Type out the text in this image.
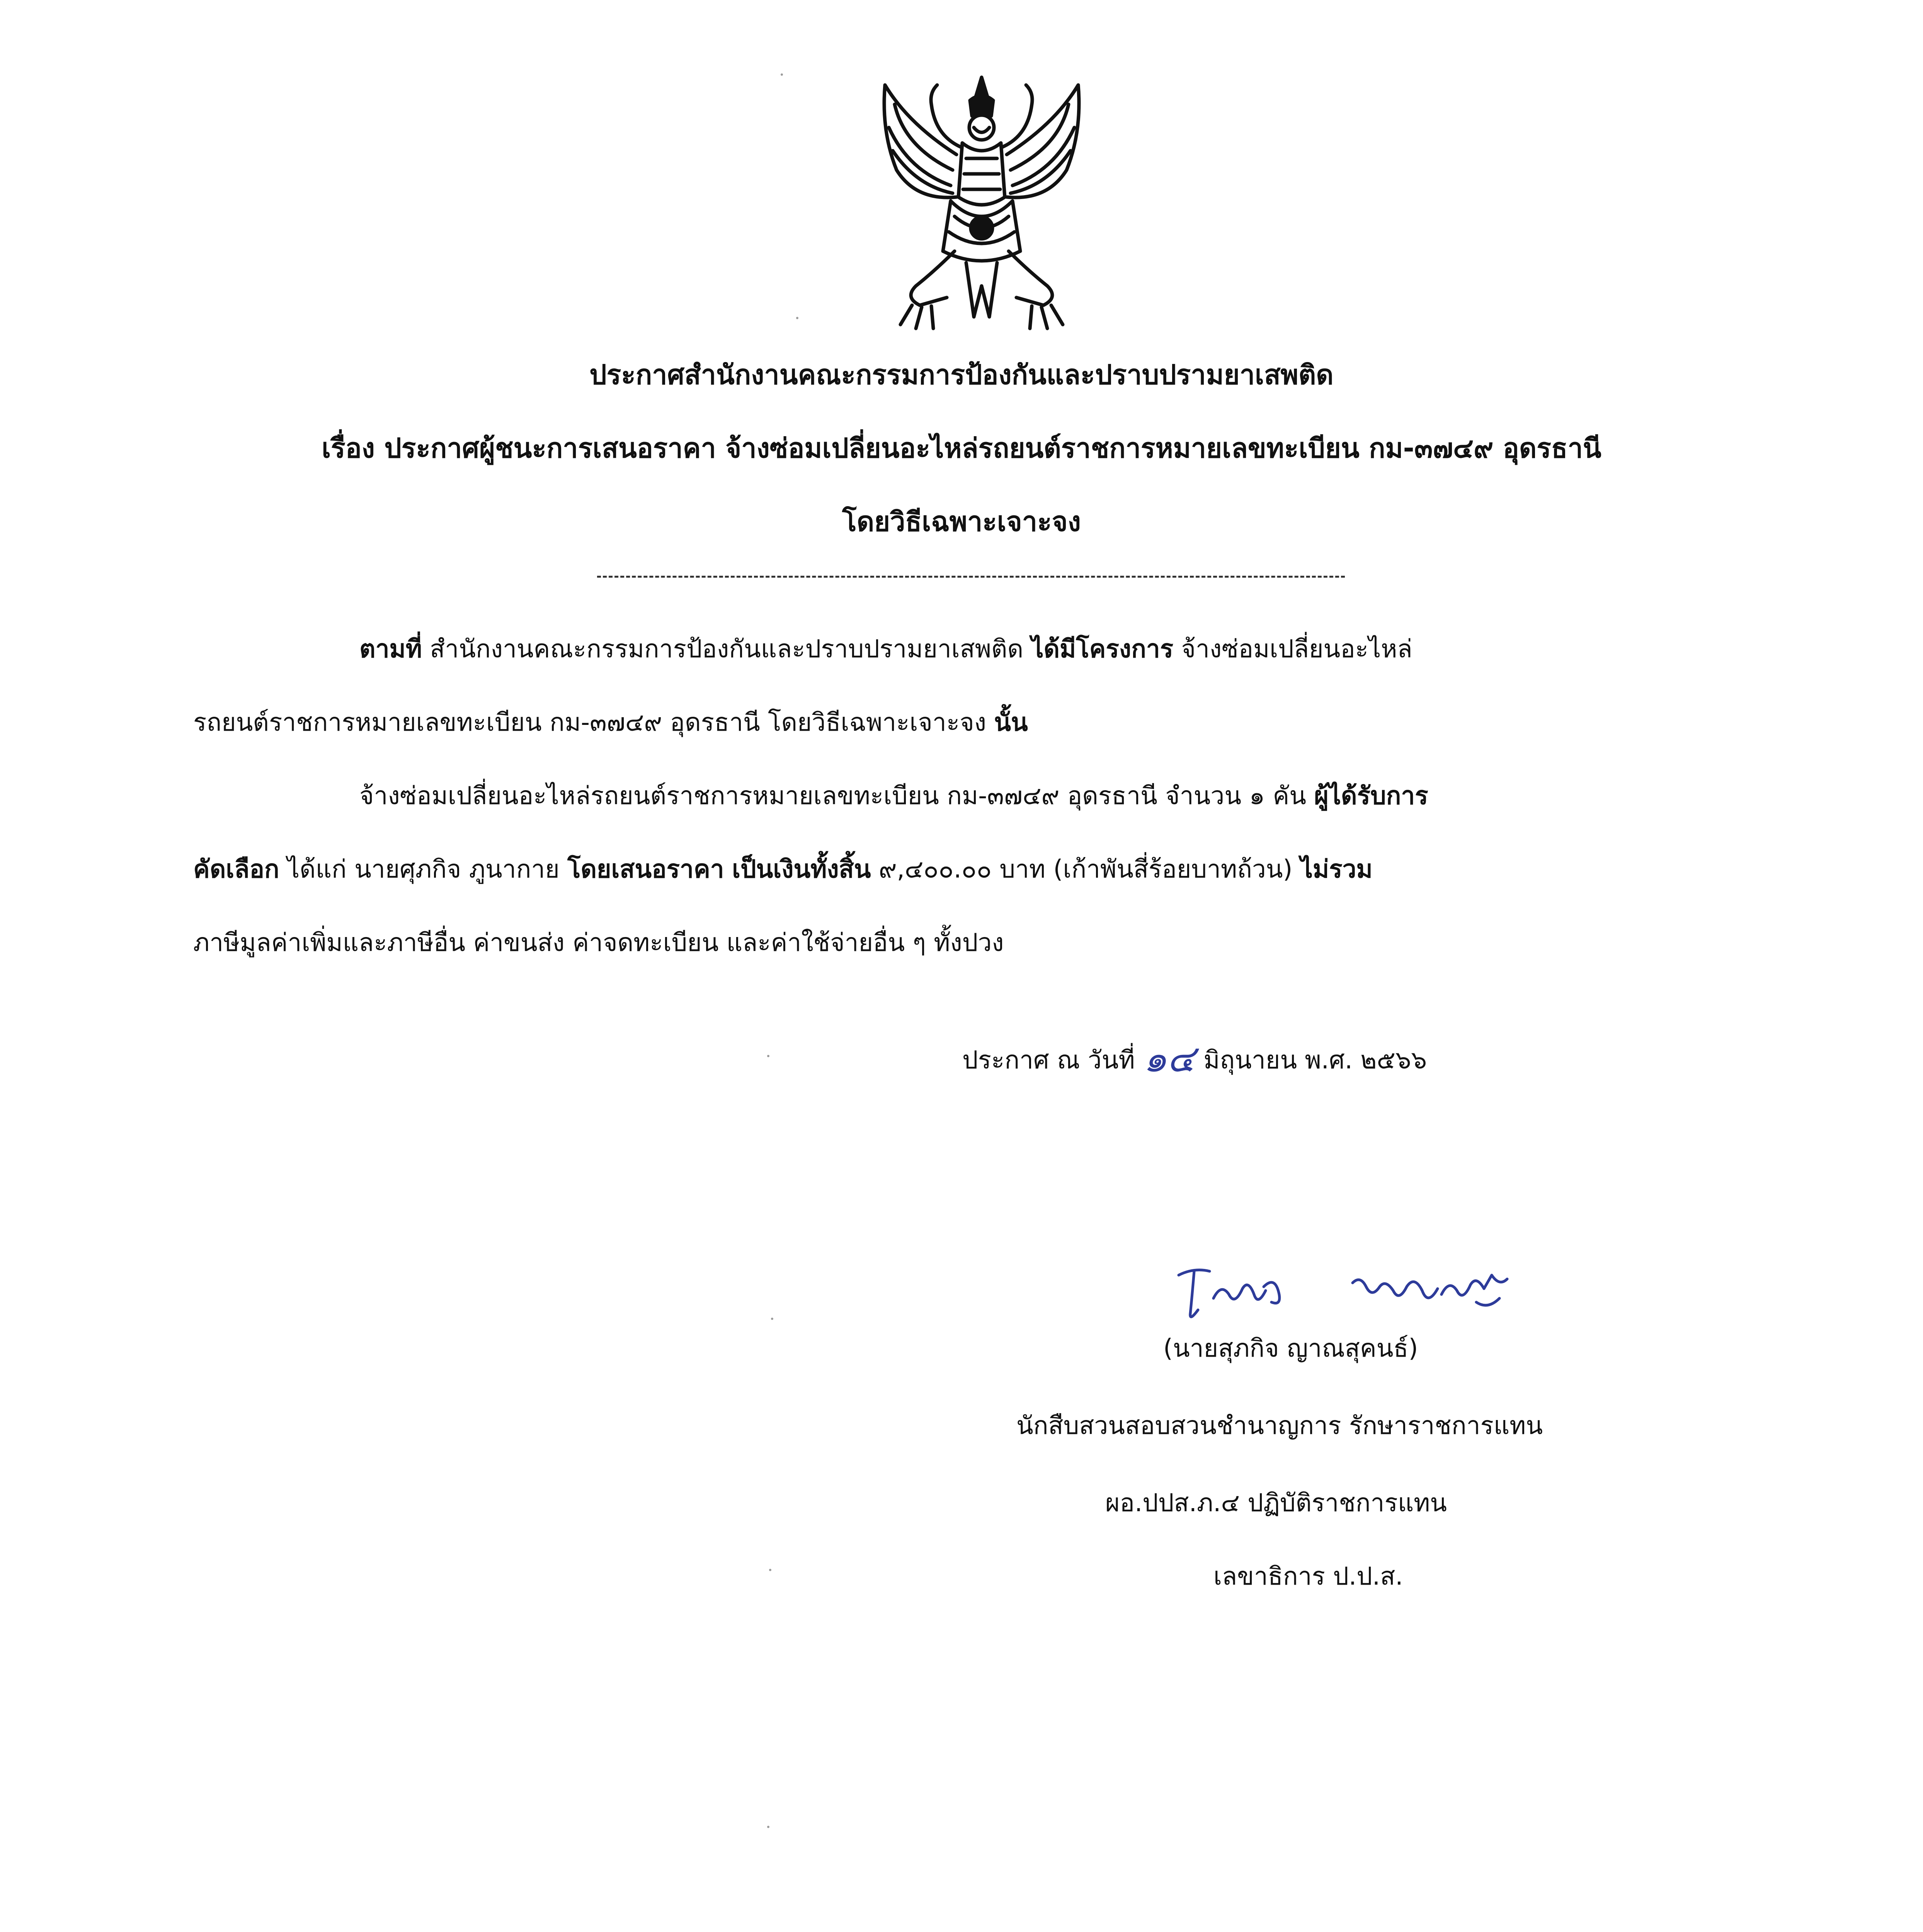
ประกาศสำนักงานคณะกรรมการป้องกันและปราบปรามยาเสพติด
เรื่อง ประกาศผู้ชนะการเสนอราคา จ้างซ่อมเปลี่ยนอะไหล่รถยนต์ราชการหมายเลขทะเบียน กม-๓๗๔๙ อุดรธานี
โดยวิธีเฉพาะเจาะจง
ตามที่ สำนักงานคณะกรรมการป้องกันและปราบปรามยาเสพติด ได้มีโครงการ จ้างซ่อมเปลี่ยนอะไหล่
รถยนต์ราชการหมายเลขทะเบียน กม-๓๗๔๙ อุดรธานี โดยวิธีเฉพาะเจาะจง นั้น
จ้างซ่อมเปลี่ยนอะไหล่รถยนต์ราชการหมายเลขทะเบียน กม-๓๗๔๙ อุดรธานี จำนวน ๑ คัน ผู้ได้รับการ
คัดเลือก ได้แก่ นายศุภกิจ ภูนากาย โดยเสนอราคา เป็นเงินทั้งสิ้น ๙,๔๐๐.๐๐ บาท (เก้าพันสี่ร้อยบาทถ้วน) ไม่รวม
ภาษีมูลค่าเพิ่มและภาษีอื่น ค่าขนส่ง ค่าจดทะเบียน และค่าใช้จ่ายอื่น ๆ ทั้งปวง
ประกาศ ณ วันที่ ๑๔ มิถุนายน พ.ศ. ๒๕๖๖
(นายสุภกิจ ญาณสุคนธ์)
นักสืบสวนสอบสวนชำนาญการ รักษาราชการแทน
ผอ.ปปส.ภ.๔ ปฏิบัติราชการแทน
เลขาธิการ ป.ป.ส.
